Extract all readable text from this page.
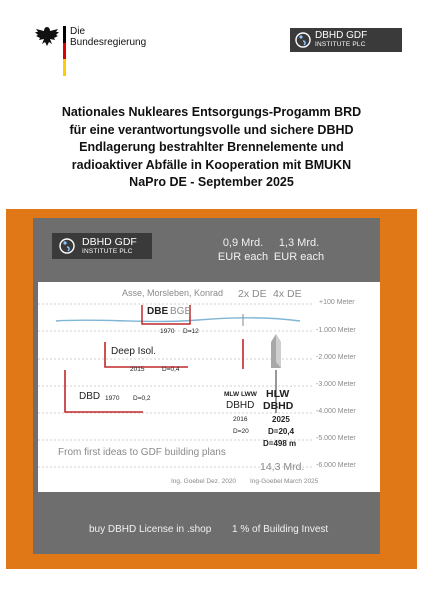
Die
Bundesregierung
DBHD GDF
INSTITUTE PLC
Nationales Nukleares Entsorgungs-Progamm BRD
für eine verantwortungsvolle und sichere DBHD
Endlagerung bestrahlter Brennelemente und
radioaktiver Abfälle in Kooperation mit BMUKN
NaPro DE - September 2025
DBHD GDF
INSTITUTE PLC
0,9 Mrd.
EUR each
1,3 Mrd.
EUR each
Asse, Morsleben, Konrad 2x DE 4x DE
+100 Meter
-1.000 Meter
-2.000 Meter
-3.000 Meter
-4.000 Meter
-5.000 Meter
-6.000 Meter
DBE BGE
1970 D=12
Deep Isol.
2015	D=0,4
DBD 1970 D=0,2
MLW LWW
DBHD
2016
D=20
HLW
DBHD
2025
D=20,4
D=498 m
From first ideas to GDF building plans
14,3 Mrd.
Ing. Goebel Dez. 2020 Ing-Goebel March 2025
buy DBHD License in .shop 1 % of Building Invest
